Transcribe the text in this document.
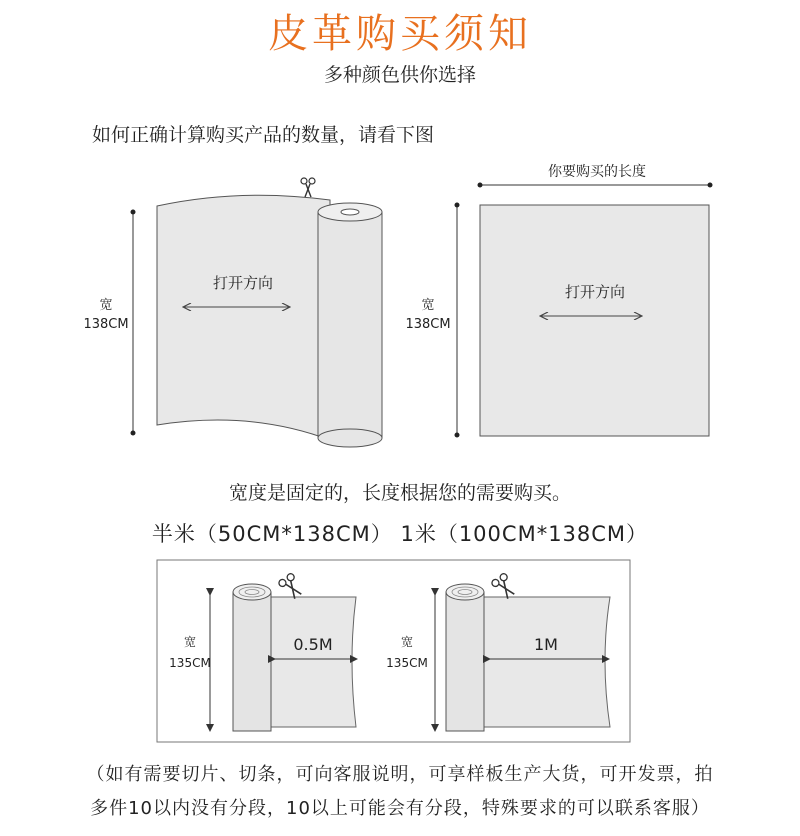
皮革购买须知
多种颜色供你选择
如何正确计算购买产品的数量，请看下图
打开方向
宽
138CM
你要购买的长度
打开方向
宽
138CM
宽
135CM
0.5M	宽
135CM
1M
宽度是固定的，长度根据您的需要购买。
半米（50CM*138CM） 1米（100CM*138CM）
（如有需要切片、切条，可向客服说明，可享样板生产大货，可开发票，拍
多件10以内没有分段，10以上可能会有分段，特殊要求的可以联系客服）
